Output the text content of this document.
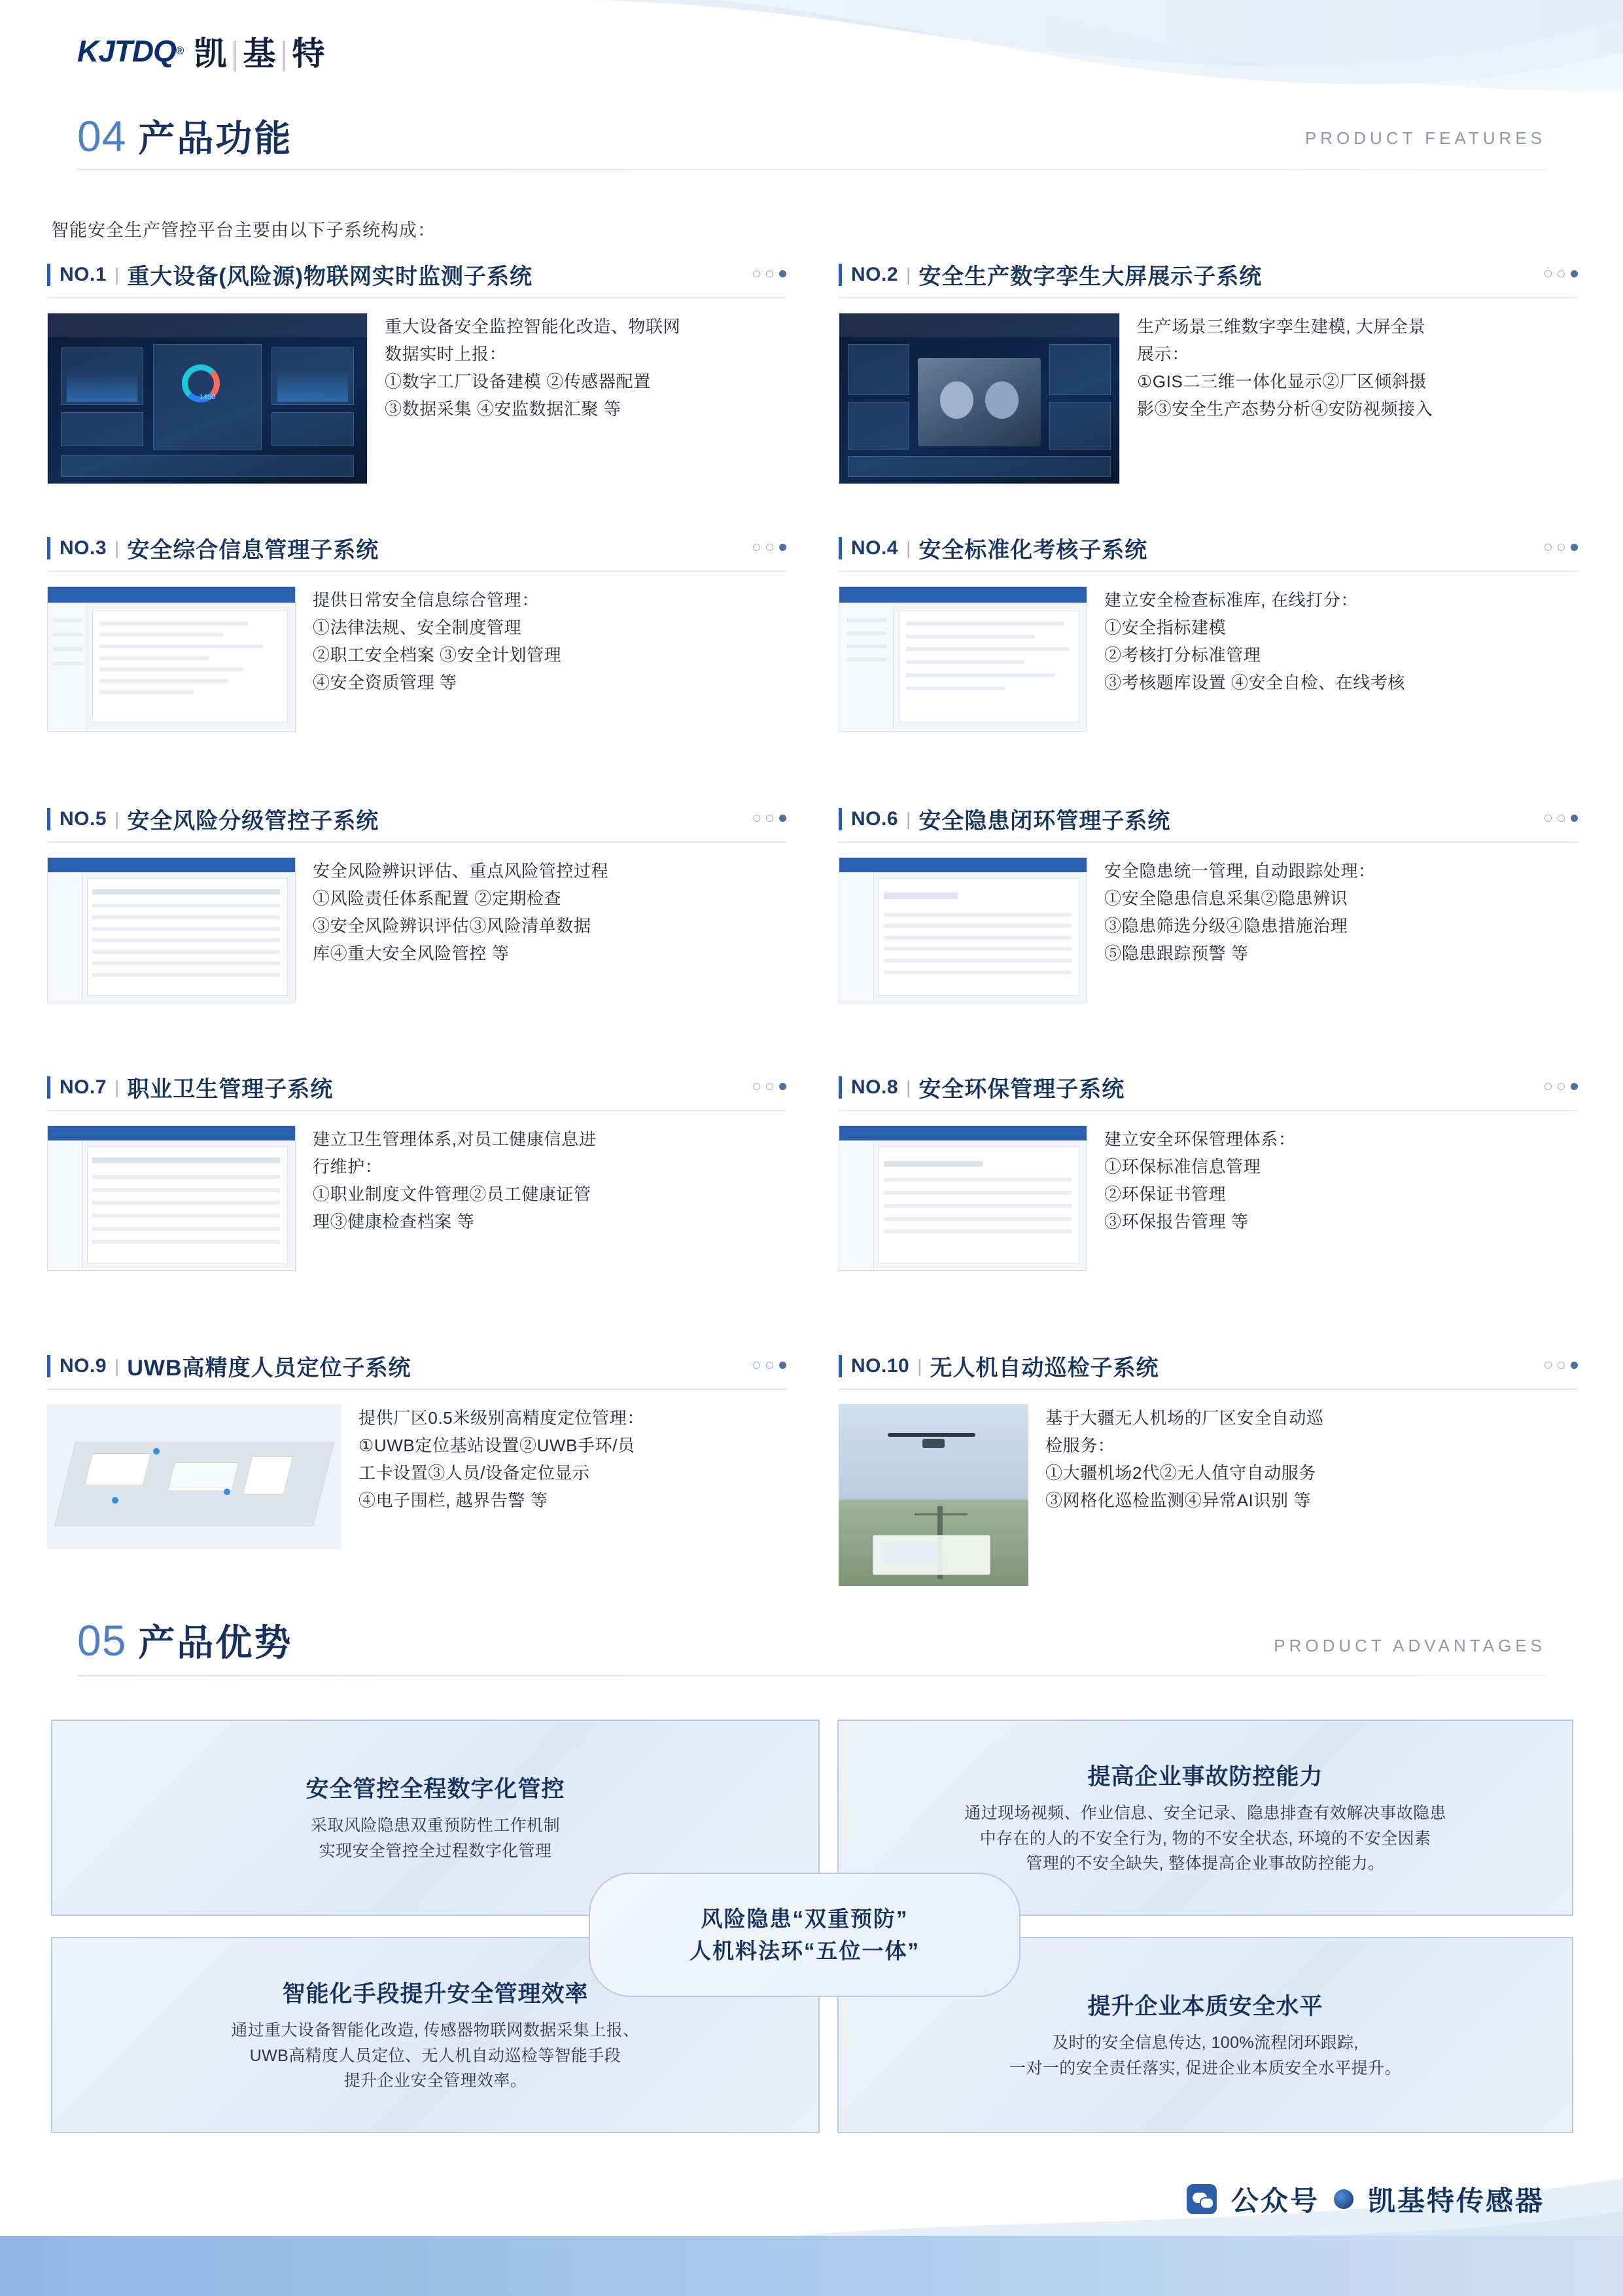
KJTDQ ® 凯|基|特
04 产品功能	PRODUCT FEATURES
智能安全生产管控平台主要由以下子系统构成：
NO.1 | 重大设备(风险源)物联网实时监测子系统
1490
重大设备安全监控智能化改造、物联网
数据实时上报：
①数字工厂设备建模 ②传感器配置
③数据采集 ④安监数据汇聚 等
NO.2 | 安全生产数字孪生大屏展示子系统
生产场景三维数字孪生建模, 大屏全景
展示：
①GIS二三维一体化显示②厂区倾斜摄
影③安全生产态势分析④安防视频接入
NO.3 | 安全综合信息管理子系统
提供日常安全信息综合管理：
①法律法规、安全制度管理
②职工安全档案 ③安全计划管理
④安全资质管理 等
NO.4 | 安全标准化考核子系统
建立安全检查标准库, 在线打分：
①安全指标建模
②考核打分标准管理
③考核题库设置 ④安全自检、在线考核
NO.5 | 安全风险分级管控子系统
安全风险辨识评估、重点风险管控过程
①风险责任体系配置 ②定期检查
③安全风险辨识评估③风险清单数据
库④重大安全风险管控 等
NO.6 | 安全隐患闭环管理子系统
安全隐患统一管理, 自动跟踪处理：
①安全隐患信息采集②隐患辨识
③隐患筛选分级④隐患措施治理
⑤隐患跟踪预警 等
NO.7 | 职业卫生管理子系统
建立卫生管理体系,对员工健康信息进
行维护：
①职业制度文件管理②员工健康证管
理③健康检查档案 等
NO.8 | 安全环保管理子系统
建立安全环保管理体系：
①环保标准信息管理
②环保证书管理
③环保报告管理 等
NO.9 | UWB高精度人员定位子系统
提供厂区0.5米级别高精度定位管理：
①UWB定位基站设置②UWB手环/员
工卡设置③人员/设备定位显示
④电子围栏, 越界告警 等
NO.10 | 无人机自动巡检子系统
基于大疆无人机场的厂区安全自动巡
检服务：
①大疆机场2代②无人值守自动服务
③网格化巡检监测④异常AI识别 等
05 产品优势	PRODUCT ADVANTAGES
安全管控全程数字化管控
采取风险隐患双重预防性工作机制
实现安全管控全过程数字化管理
提高企业事故防控能力
通过现场视频、作业信息、安全记录、隐患排查有效解决事故隐患
中存在的人的不安全行为, 物的不安全状态, 环境的不安全因素
管理的不安全缺失, 整体提高企业事故防控能力。
智能化手段提升安全管理效率
通过重大设备智能化改造, 传感器物联网数据采集上报、
UWB高精度人员定位、无人机自动巡检等智能手段
提升企业安全管理效率。
提升企业本质安全水平
及时的安全信息传达, 100%流程闭环跟踪,
一对一的安全责任落实, 促进企业本质安全水平提升。
风险隐患“双重预防”
人机料法环“五位一体”
公众号 凯基特传感器
